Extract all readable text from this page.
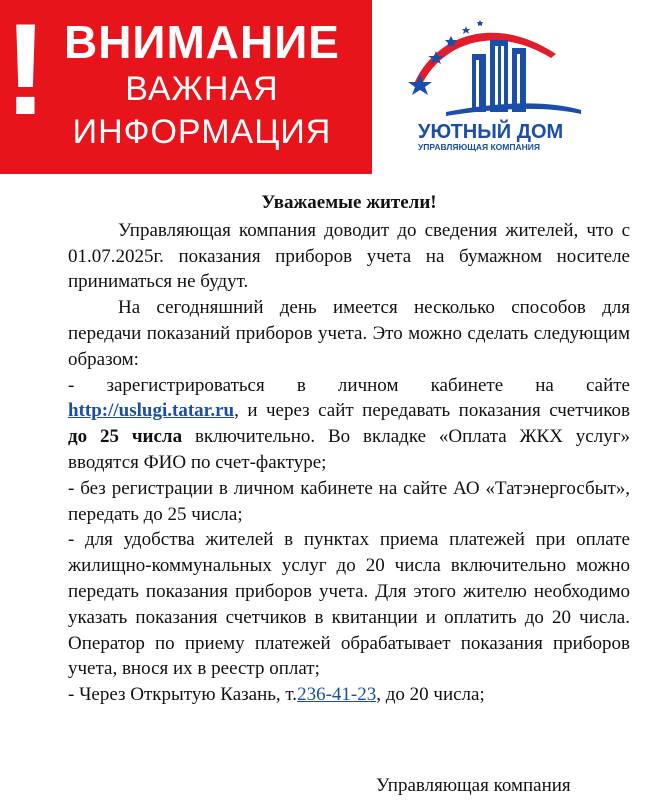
! ВНИМАНИЕ
ВАЖНАЯ
ИНФОРМАЦИЯ	УЮТНЫЙ ДОМ
УПРАВЛЯЮЩАЯ КОМПАНИЯ

Уважаемые жители!

Управляющая компания доводит до сведения жителей, что с 01.07.2025г. показания приборов учета на бумажном носителе приниматься не будут.

На сегодняшний день имеется несколько способов для передачи показаний приборов учета. Это можно сделать следующим образом:

- зарегистрироваться в личном кабинете на сайте http://uslugi.tatar.ru, и через сайт передавать показания счетчиков до 25 числа включительно. Во вкладке «Оплата ЖКХ услуг» вводятся ФИО по счет-фактуре;

- без регистрации в личном кабинете на сайте АО «Татэнергосбыт», передать до 25 числа;

- для удобства жителей в пунктах приема платежей при оплате жилищно-коммунальных услуг до 20 числа включительно можно передать показания приборов учета. Для этого жителю необходимо указать показания счетчиков в квитанции и оплатить до 20 числа. Оператор по приему платежей обрабатывает показания приборов учета, внося их в реестр оплат;

- Через Открытую Казань, т.236-41-23, до 20 числа;

Управляющая компания
